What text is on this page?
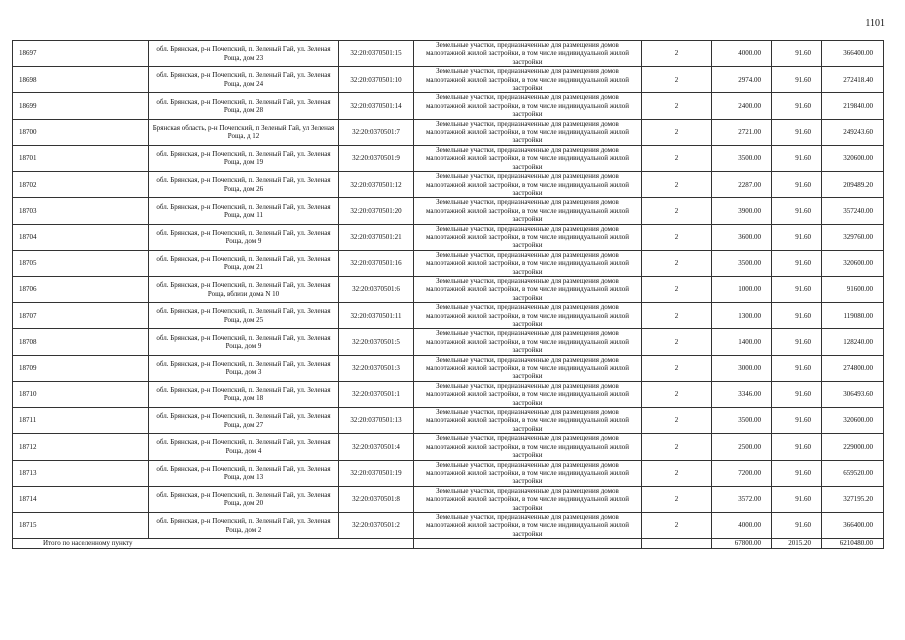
1101
18697	обл. Брянская, р-н Почепский, п. Зеленый Гай, ул. Зеленая Роща, дом 23	32:20:0370501:15	Земельные участки, предназначенные для размещения домов малоэтажной жилой застройки, в том числе индивидуальной жилой застройки	2	4000.00	91.60	366400.00
18698	обл. Брянская, р-н Почепский, п. Зеленый Гай, ул. Зеленая Роща, дом 24	32:20:0370501:10	Земельные участки, предназначенные для размещения домов малоэтажной жилой застройки, в том числе индивидуальной жилой застройки	2	2974.00	91.60	272418.40
18699	обл. Брянская, р-н Почепский, п. Зеленый Гай, ул. Зеленая Роща, дом 28	32:20:0370501:14	Земельные участки, предназначенные для размещения домов малоэтажной жилой застройки, в том числе индивидуальной жилой застройки	2	2400.00	91.60	219840.00
18700	Брянская область, р-н Почепский, п Зеленый Гай, ул Зеленая Роща, д 12	32:20:0370501:7	Земельные участки, предназначенные для размещения домов малоэтажной жилой застройки, в том числе индивидуальной жилой застройки	2	2721.00	91.60	249243.60
18701	обл. Брянская, р-н Почепский, п. Зеленый Гай, ул. Зеленая Роща, дом 19	32:20:0370501:9	Земельные участки, предназначенные для размещения домов малоэтажной жилой застройки, в том числе индивидуальной жилой застройки	2	3500.00	91.60	320600.00
18702	обл. Брянская, р-н Почепский, п. Зеленый Гай, ул. Зеленая Роща, дом 26	32:20:0370501:12	Земельные участки, предназначенные для размещения домов малоэтажной жилой застройки, в том числе индивидуальной жилой застройки	2	2287.00	91.60	209489.20
18703	обл. Брянская, р-н Почепский, п. Зеленый Гай, ул. Зеленая Роща, дом 11	32:20:0370501:20	Земельные участки, предназначенные для размещения домов малоэтажной жилой застройки, в том числе индивидуальной жилой застройки	2	3900.00	91.60	357240.00
18704	обл. Брянская, р-н Почепский, п. Зеленый Гай, ул. Зеленая Роща, дом 9	32:20:0370501:21	Земельные участки, предназначенные для размещения домов малоэтажной жилой застройки, в том числе индивидуальной жилой застройки	2	3600.00	91.60	329760.00
18705	обл. Брянская, р-н Почепский, п. Зеленый Гай, ул. Зеленая Роща, дом 21	32:20:0370501:16	Земельные участки, предназначенные для размещения домов малоэтажной жилой застройки, в том числе индивидуальной жилой застройки	2	3500.00	91.60	320600.00
18706	обл. Брянская, р-н Почепский, п. Зеленый Гай, ул. Зеленая Роща, вблизи дома N 10	32:20:0370501:6	Земельные участки, предназначенные для размещения домов малоэтажной жилой застройки, в том числе индивидуальной жилой застройки	2	1000.00	91.60	91600.00
18707	обл. Брянская, р-н Почепский, п. Зеленый Гай, ул. Зеленая Роща, дом 25	32:20:0370501:11	Земельные участки, предназначенные для размещения домов малоэтажной жилой застройки, в том числе индивидуальной жилой застройки	2	1300.00	91.60	119080.00
18708	обл. Брянская, р-н Почепский, п. Зеленый Гай, ул. Зеленая Роща, дом 9	32:20:0370501:5	Земельные участки, предназначенные для размещения домов малоэтажной жилой застройки, в том числе индивидуальной жилой застройки	2	1400.00	91.60	128240.00
18709	обл. Брянская, р-н Почепский, п. Зеленый Гай, ул. Зеленая Роща, дом 3	32:20:0370501:3	Земельные участки, предназначенные для размещения домов малоэтажной жилой застройки, в том числе индивидуальной жилой застройки	2	3000.00	91.60	274800.00
18710	обл. Брянская, р-н Почепский, п. Зеленый Гай, ул. Зеленая Роща, дом 18	32:20:0370501:1	Земельные участки, предназначенные для размещения домов малоэтажной жилой застройки, в том числе индивидуальной жилой застройки	2	3346.00	91.60	306493.60
18711	обл. Брянская, р-н Почепский, п. Зеленый Гай, ул. Зеленая Роща, дом 27	32:20:0370501:13	Земельные участки, предназначенные для размещения домов малоэтажной жилой застройки, в том числе индивидуальной жилой застройки	2	3500.00	91.60	320600.00
18712	обл. Брянская, р-н Почепский, п. Зеленый Гай, ул. Зеленая Роща, дом 4	32:20:0370501:4	Земельные участки, предназначенные для размещения домов малоэтажной жилой застройки, в том числе индивидуальной жилой застройки	2	2500.00	91.60	229000.00
18713	обл. Брянская, р-н Почепский, п. Зеленый Гай, ул. Зеленая Роща, дом 13	32:20:0370501:19	Земельные участки, предназначенные для размещения домов малоэтажной жилой застройки, в том числе индивидуальной жилой застройки	2	7200.00	91.60	659520.00
18714	обл. Брянская, р-н Почепский, п. Зеленый Гай, ул. Зеленая Роща, дом 20	32:20:0370501:8	Земельные участки, предназначенные для размещения домов малоэтажной жилой застройки, в том числе индивидуальной жилой застройки	2	3572.00	91.60	327195.20
18715	обл. Брянская, р-н Почепский, п. Зеленый Гай, ул. Зеленая Роща, дом 2	32:20:0370501:2	Земельные участки, предназначенные для размещения домов малоэтажной жилой застройки, в том числе индивидуальной жилой застройки	2	4000.00	91.60	366400.00
Итого по населенному пункту					67800.00	2015.20	6210480.00
